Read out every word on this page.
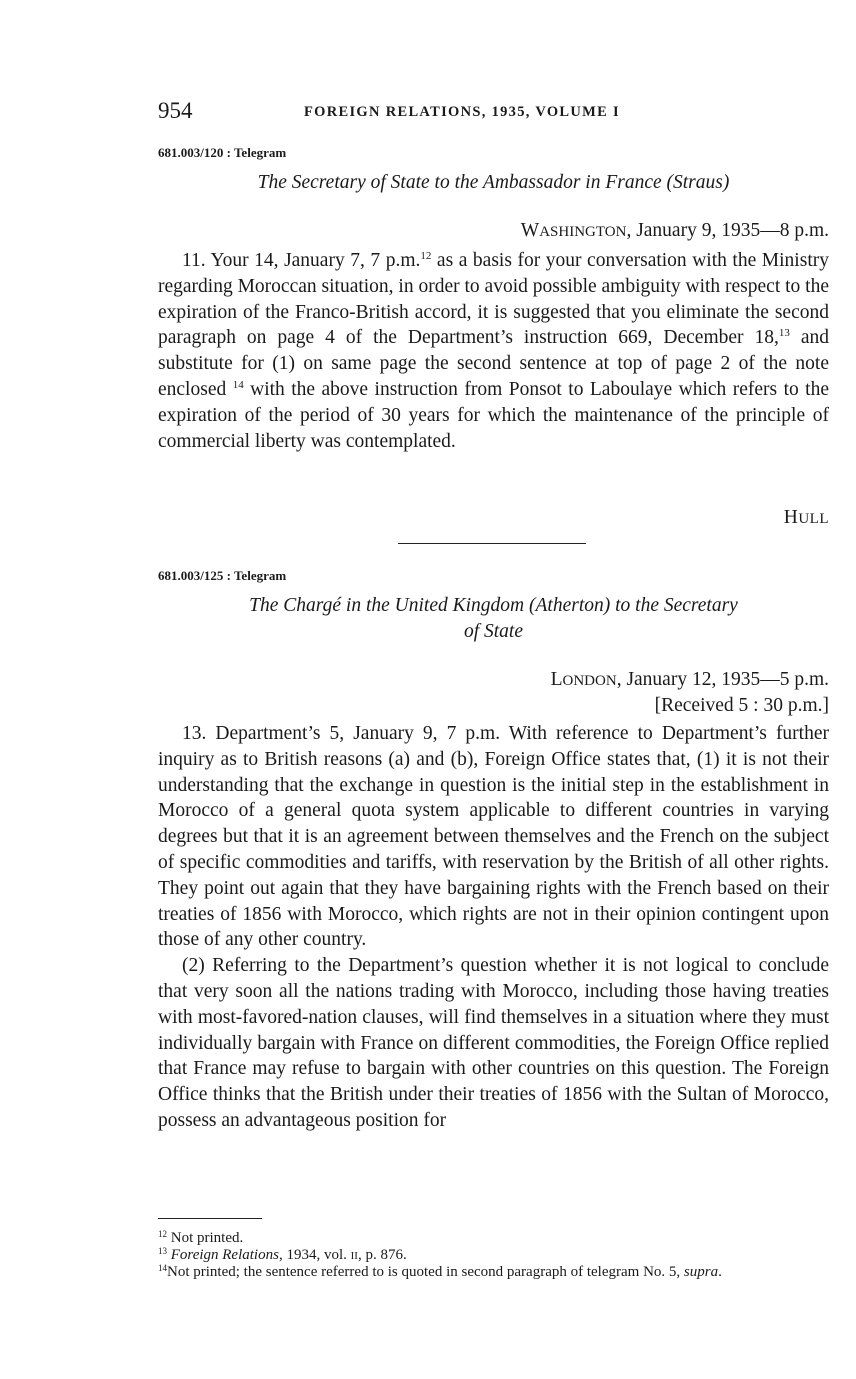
954	FOREIGN RELATIONS, 1935, VOLUME I
681.003/120 : Telegram
The Secretary of State to the Ambassador in France (Straus)
WASHINGTON, January 9, 1935—8 p.m.

11. Your 14, January 7, 7 p.m.$^{12}$ as a basis for your conversation with the Ministry regarding Moroccan situation, in order to avoid possible ambiguity with respect to the expiration of the Franco-British accord, it is suggested that you eliminate the second paragraph on page 4 of the Department’s instruction 669, December 18,13 and substitute for (1) on same page the second sentence at top of page 2 of the note enclosed $^{14}$ with the above instruction from Ponsot to Laboulaye which refers to the expiration of the period of 30 years for which the maintenance of the principle of commercial liberty was contemplated.

HULL
681.003/125 : Telegram
The Chargé in the United Kingdom (Atherton) to the Secretary
of State
LONDON, January 12, 1935—5 p.m.
[Received 5 : 30 p.m.]

13. Department’s 5, January 9, 7 p.m. With reference to Department’s further inquiry as to British reasons (a) and (b), Foreign Office states that, (1) it is not their understanding that the exchange in question is the initial step in the establishment in Morocco of a general quota system applicable to different countries in varying degrees but that it is an agreement between themselves and the French on the subject of specific commodities and tariffs, with reservation by the British of all other rights. They point out again that they have bargaining rights with the French based on their treaties of 1856 with Morocco, which rights are not in their opinion contingent upon those of any other country.

(2) Referring to the Department’s question whether it is not logical to conclude that very soon all the nations trading with Morocco, including those having treaties with most-favored-nation clauses, will find themselves in a situation where they must individually bargain with France on different commodities, the Foreign Office replied that France may refuse to bargain with other countries on this question. The Foreign Office thinks that the British under their treaties of 1856 with the Sultan of Morocco, possess an advantageous position for

$^{12}$ Not printed.
$^{13}$ Foreign Relations, 1934, vol. ii, p. 876.
$^{14}$Not printed; the sentence referred to is quoted in second paragraph of telegram No. 5, supra.
